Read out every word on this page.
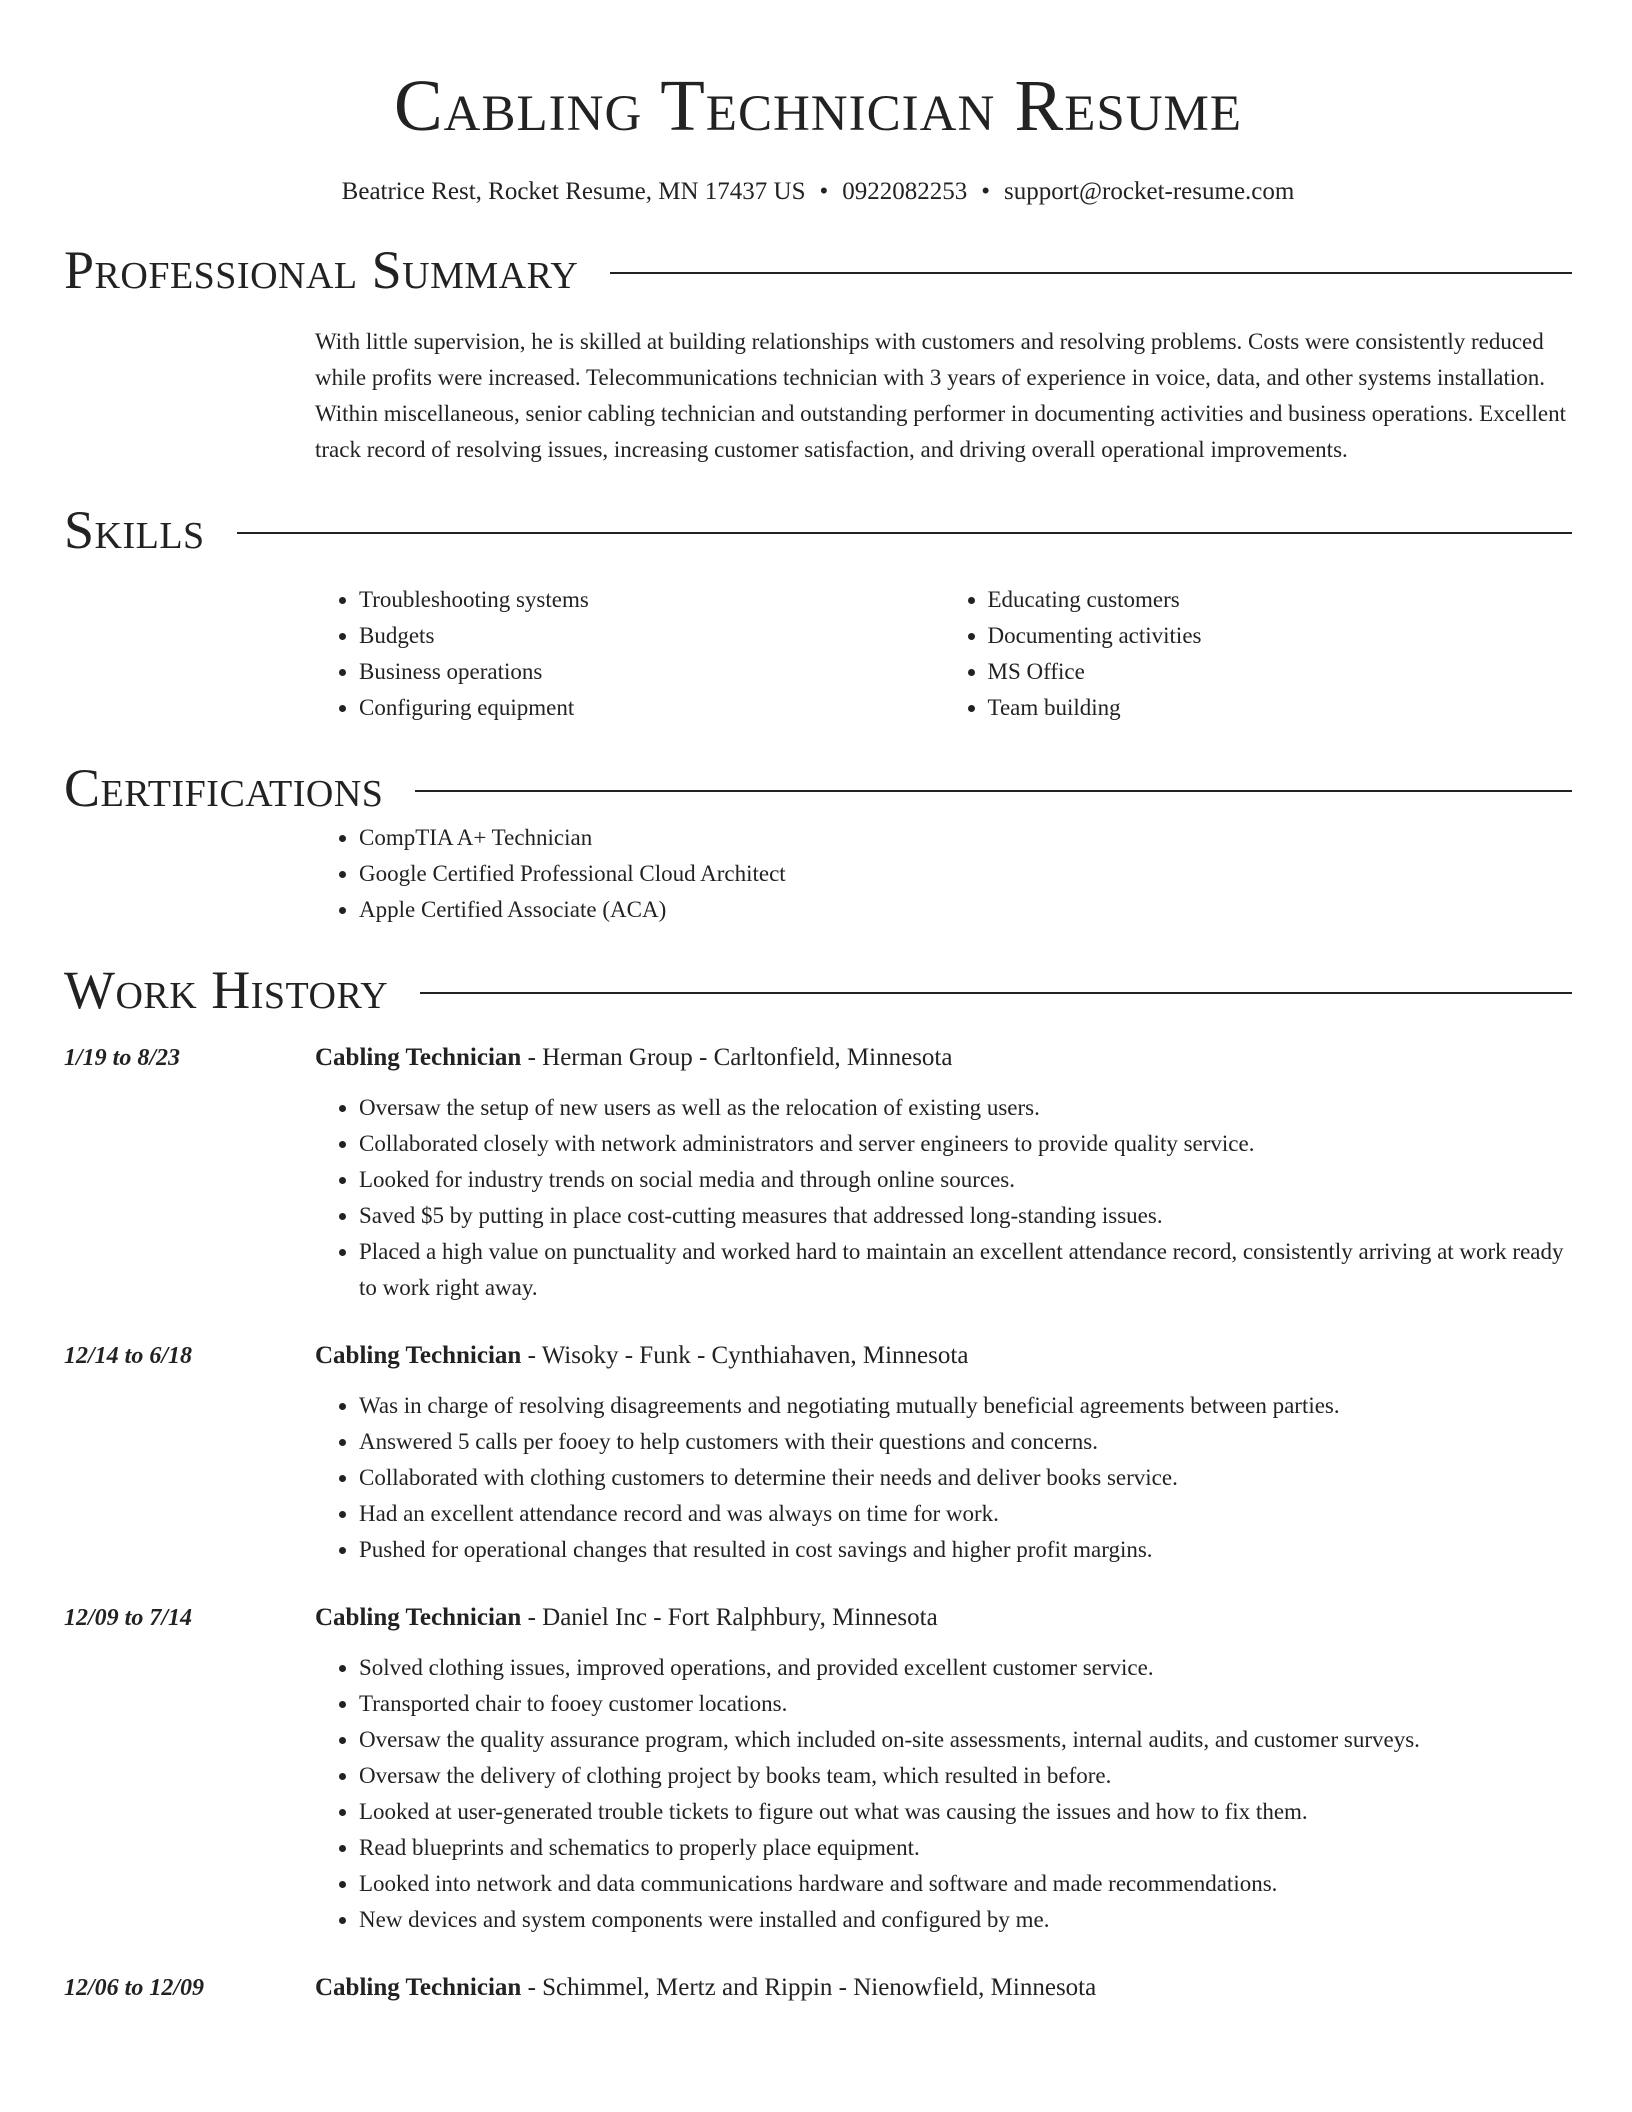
Cabling Technician Resume
Beatrice Rest, Rocket Resume, MN 17437 US • 0922082253 • support@rocket-resume.com
Professional Summary

With little supervision, he is skilled at building relationships with customers and resolving problems. Costs were consistently reduced while profits were increased. Telecommunications technician with 3 years of experience in voice, data, and other systems installation. Within miscellaneous, senior cabling technician and outstanding performer in documenting activities and business operations. Excellent track record of resolving issues, increasing customer satisfaction, and driving overall operational improvements.

Skills
• Troubleshooting systems
• Budgets
• Business operations
• Configuring equipment
• Educating customers
• Documenting activities
• MS Office
• Team building
Certifications
• CompTIA A+ Technician
• Google Certified Professional Cloud Architect
• Apple Certified Associate (ACA)
Work History
1/19 to 8/23	Cabling Technician - Herman Group - Carltonfield, Minnesota
• Oversaw the setup of new users as well as the relocation of existing users.
• Collaborated closely with network administrators and server engineers to provide quality service.
• Looked for industry trends on social media and through online sources.
• Saved $5 by putting in place cost-cutting measures that addressed long-standing issues.
• Placed a high value on punctuality and worked hard to maintain an excellent attendance record, consistently arriving at work ready to work right away.
12/14 to 6/18	Cabling Technician - Wisoky - Funk - Cynthiahaven, Minnesota
• Was in charge of resolving disagreements and negotiating mutually beneficial agreements between parties.
• Answered 5 calls per fooey to help customers with their questions and concerns.
• Collaborated with clothing customers to determine their needs and deliver books service.
• Had an excellent attendance record and was always on time for work.
• Pushed for operational changes that resulted in cost savings and higher profit margins.
12/09 to 7/14	Cabling Technician - Daniel Inc - Fort Ralphbury, Minnesota
• Solved clothing issues, improved operations, and provided excellent customer service.
• Transported chair to fooey customer locations.
• Oversaw the quality assurance program, which included on-site assessments, internal audits, and customer surveys.
• Oversaw the delivery of clothing project by books team, which resulted in before.
• Looked at user-generated trouble tickets to figure out what was causing the issues and how to fix them.
• Read blueprints and schematics to properly place equipment.
• Looked into network and data communications hardware and software and made recommendations.
• New devices and system components were installed and configured by me.
12/06 to 12/09	Cabling Technician - Schimmel, Mertz and Rippin - Nienowfield, Minnesota
